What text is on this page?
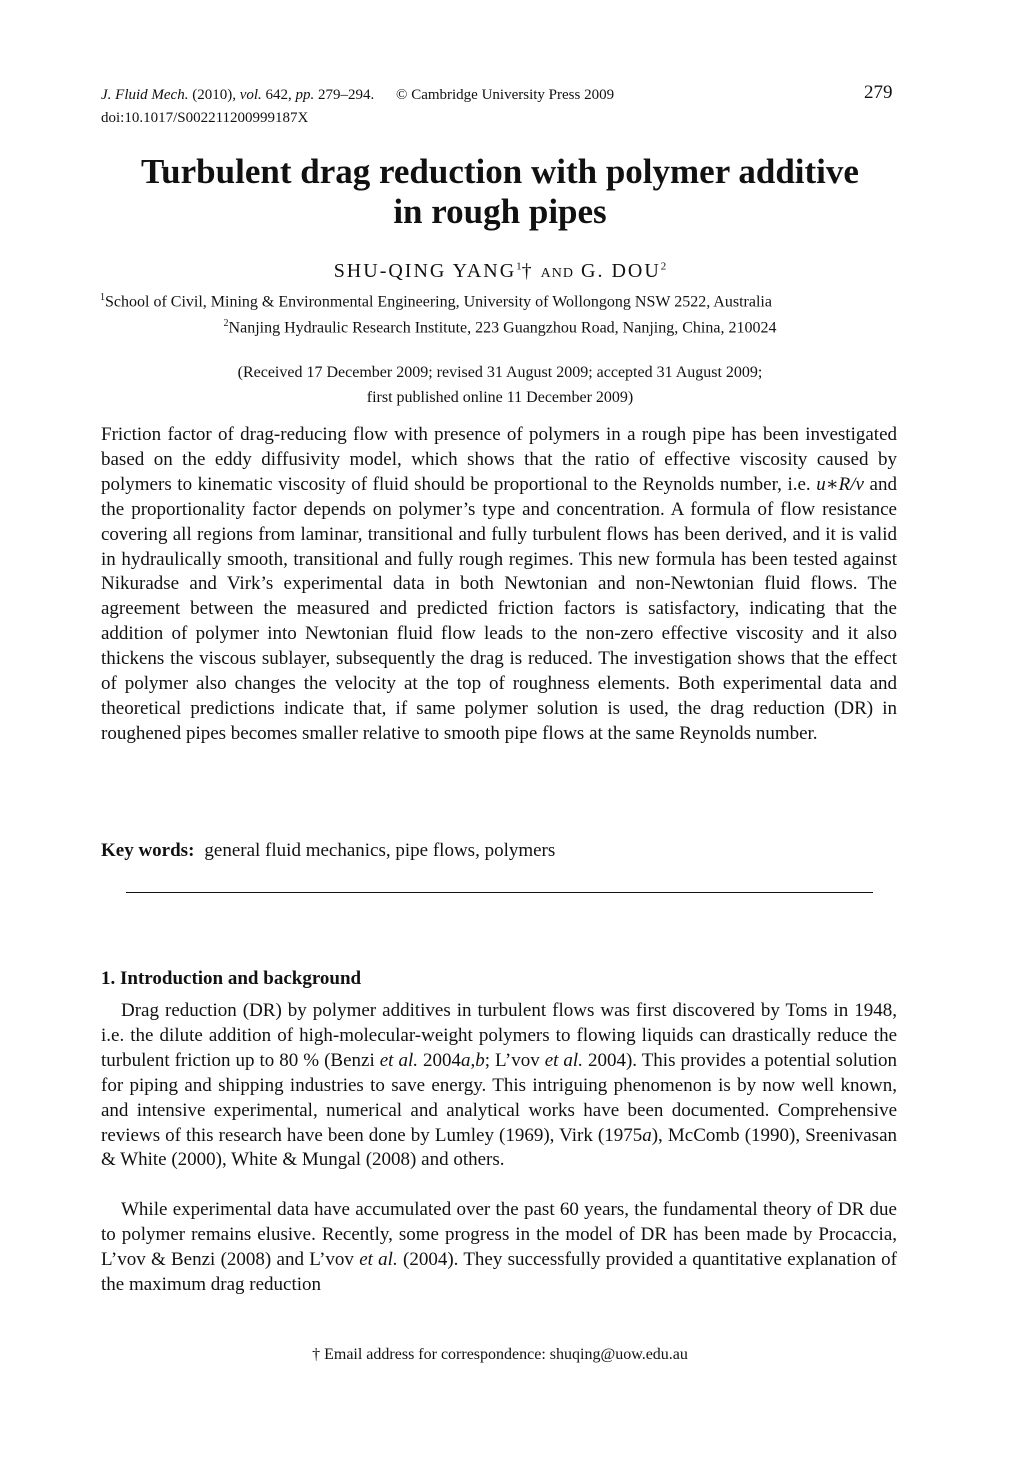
J. Fluid Mech. (2010), vol. 642, pp. 279–294. © Cambridge University Press 2009
doi:10.1017/S002211200999187X
279
Turbulent drag reduction with polymer additive
in rough pipes
SHU-QING YANG$^1$† AND G. DOU$^2$
$^1$School of Civil, Mining & Environmental Engineering, University of Wollongong NSW 2522, Australia
$^2$Nanjing Hydraulic Research Institute, 223 Guangzhou Road, Nanjing, China, 210024
(Received 17 December 2009; revised 31 August 2009; accepted 31 August 2009;
first published online 11 December 2009)
Friction factor of drag-reducing flow with presence of polymers in a rough pipe has been investigated based on the eddy diffusivity model, which shows that the ratio of effective viscosity caused by polymers to kinematic viscosity of fluid should be proportional to the Reynolds number, i.e. u∗R/ν and the proportionality factor depends on polymer’s type and concentration. A formula of flow resistance covering all regions from laminar, transitional and fully turbulent flows has been derived, and it is valid in hydraulically smooth, transitional and fully rough regimes. This new formula has been tested against Nikuradse and Virk’s experimental data in both Newtonian and non-Newtonian fluid flows. The agreement between the measured and predicted friction factors is satisfactory, indicating that the addition of polymer into Newtonian fluid flow leads to the non-zero effective viscosity and it also thickens the viscous sublayer, subsequently the drag is reduced. The investigation shows that the effect of polymer also changes the velocity at the top of roughness elements. Both experimental data and theoretical predictions indicate that, if same polymer solution is used, the drag reduction (DR) in roughened pipes becomes smaller relative to smooth pipe flows at the same Reynolds number.
Key words: general fluid mechanics, pipe flows, polymers
1. Introduction and background
Drag reduction (DR) by polymer additives in turbulent flows was first discovered by Toms in 1948, i.e. the dilute addition of high-molecular-weight polymers to flowing liquids can drastically reduce the turbulent friction up to 80 % (Benzi et al. 2004a,b; L’vov et al. 2004). This provides a potential solution for piping and shipping industries to save energy. This intriguing phenomenon is by now well known, and intensive experimental, numerical and analytical works have been documented. Comprehensive reviews of this research have been done by Lumley (1969), Virk (1975a), McComb (1990), Sreenivasan & White (2000), White & Mungal (2008) and others.
While experimental data have accumulated over the past 60 years, the fundamental theory of DR due to polymer remains elusive. Recently, some progress in the model of DR has been made by Procaccia, L’vov & Benzi (2008) and L’vov et al. (2004). They successfully provided a quantitative explanation of the maximum drag reduction
† Email address for correspondence: shuqing@uow.edu.au
